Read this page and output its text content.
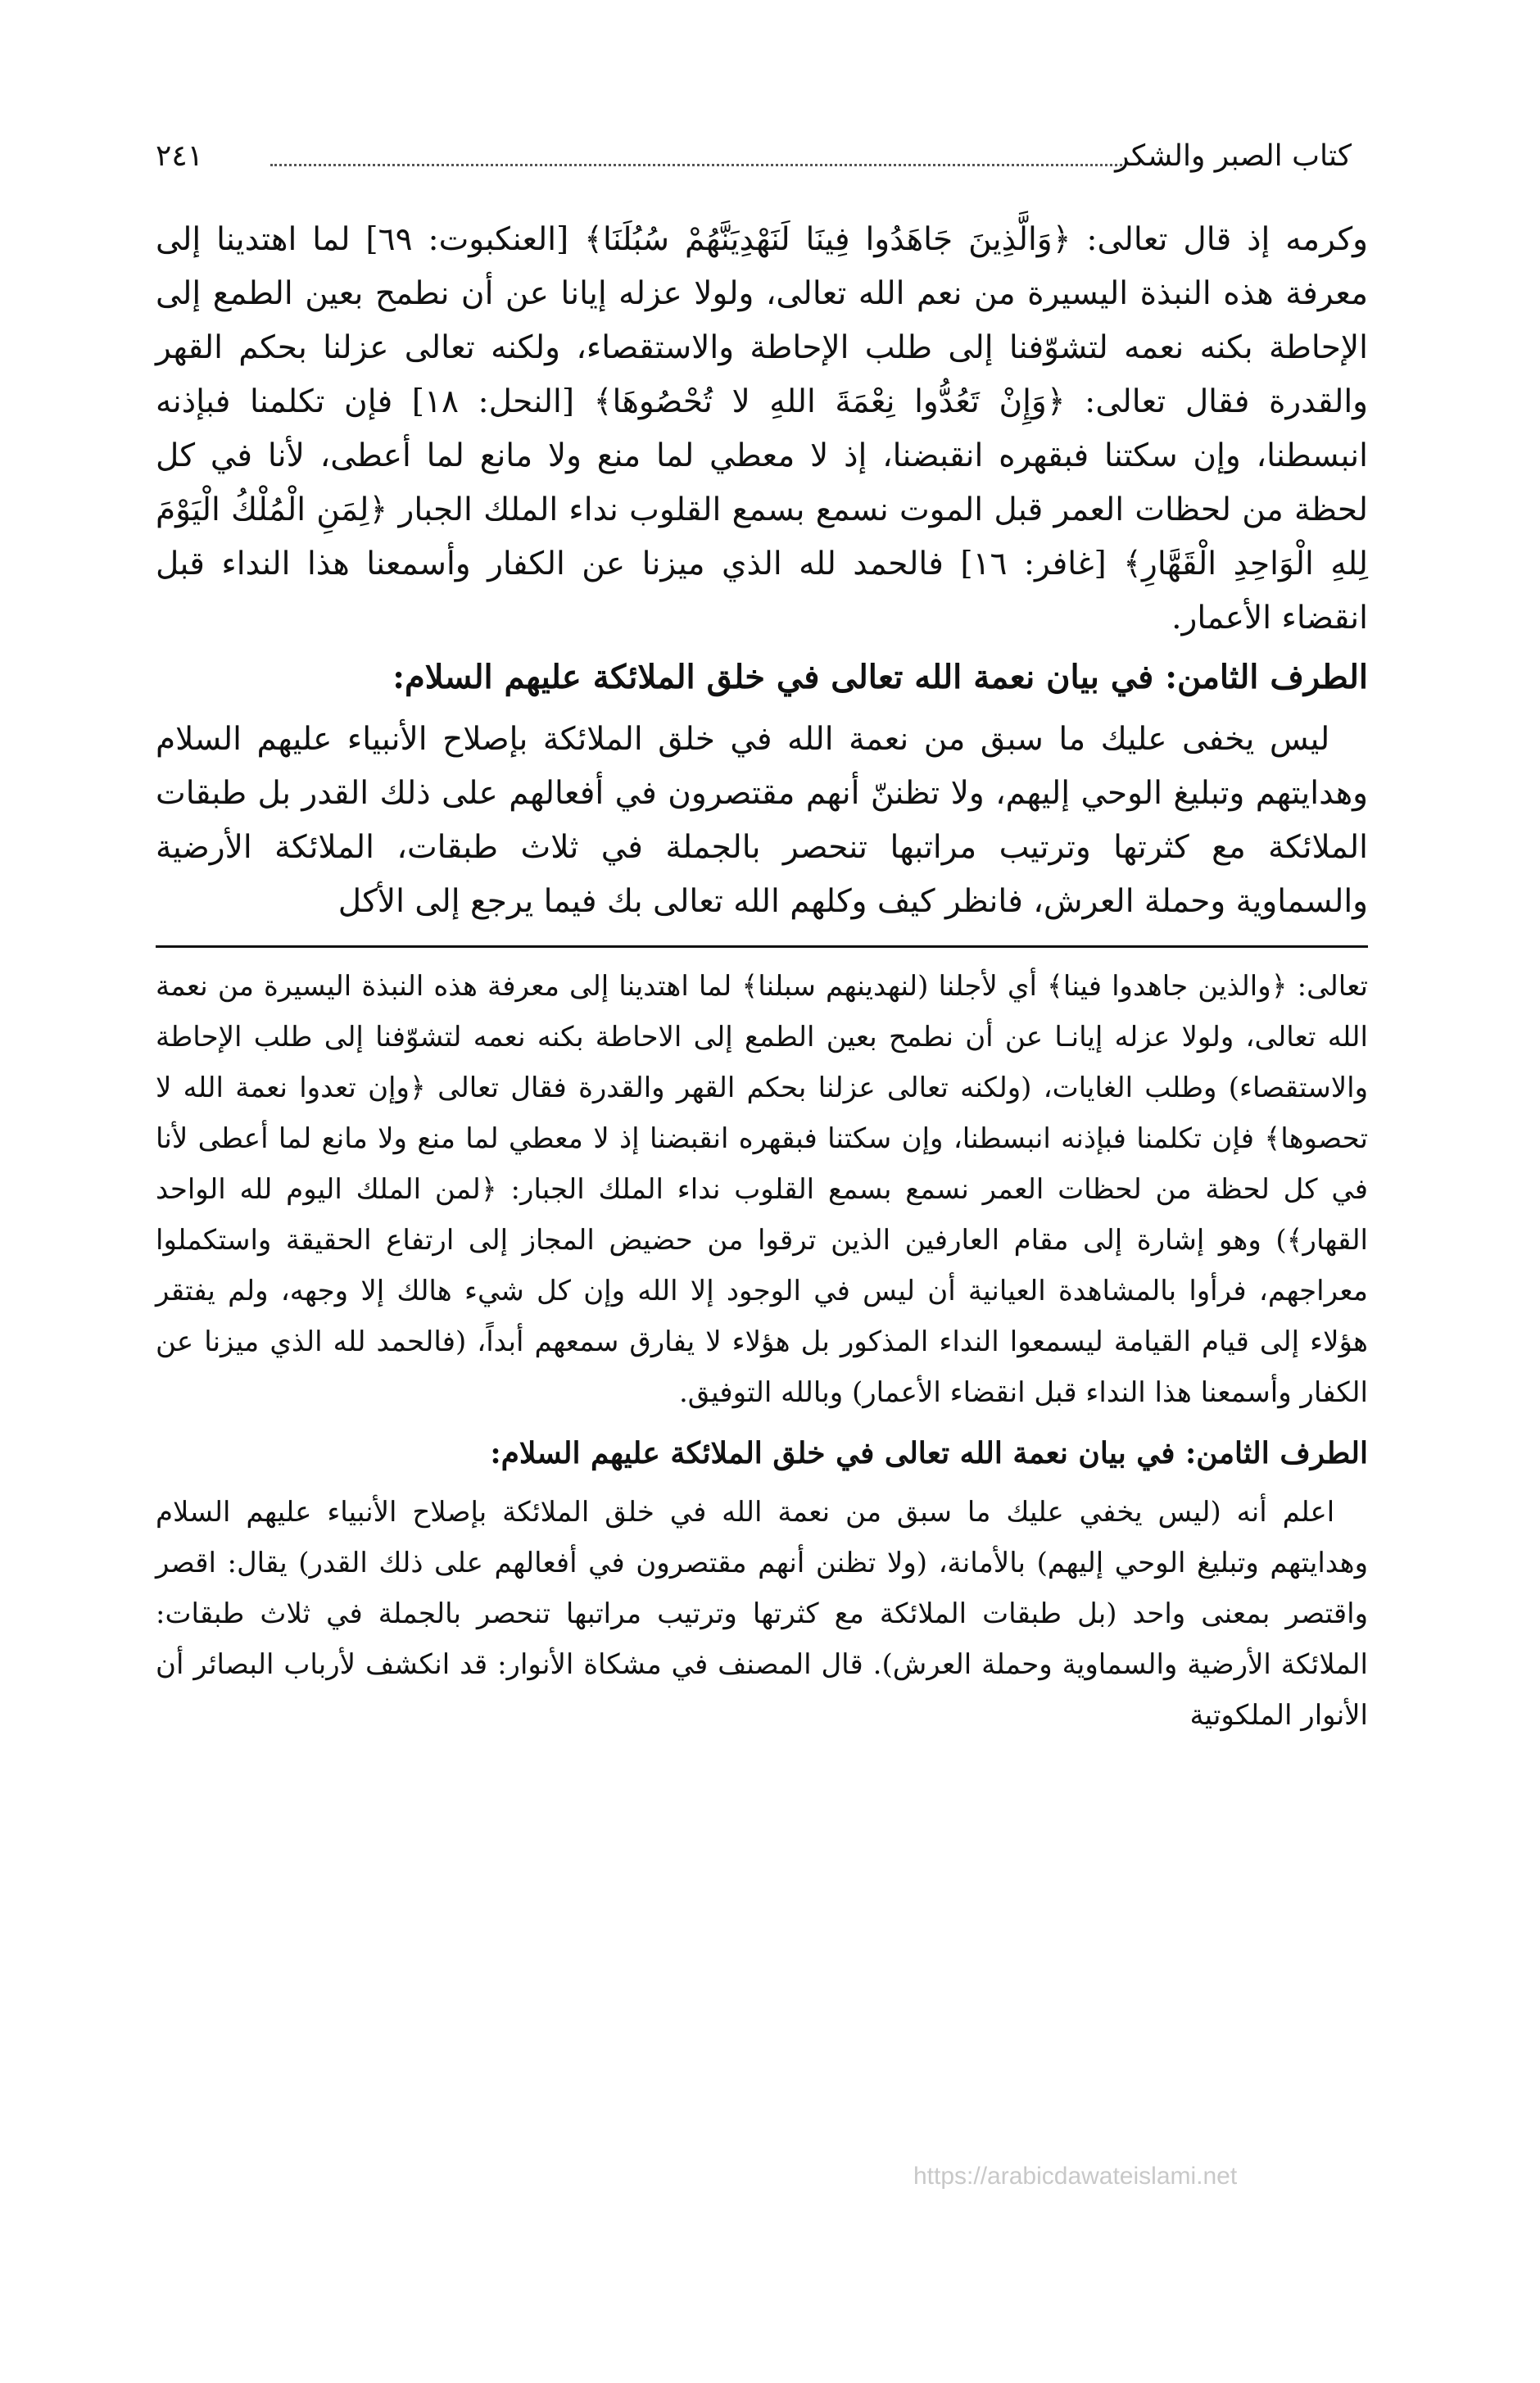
كتاب الصبر والشكر
٢٤١

وكرمه إذ قال تعالى: ﴿وَالَّذِينَ جَاهَدُوا فِينَا لَنَهْدِيَنَّهُمْ سُبُلَنَا﴾ [العنكبوت: ٦٩] لما اهتدينا إلى معرفة هذه النبذة اليسيرة من نعم الله تعالى، ولولا عزله إيانا عن أن نطمح بعين الطمع إلى الإحاطة بكنه نعمه لتشوّفنا إلى طلب الإحاطة والاستقصاء، ولكنه تعالى عزلنا بحكم القهر والقدرة فقال تعالى: ﴿وَإِنْ تَعُدُّوا نِعْمَةَ اللهِ لا تُحْصُوهَا﴾ [النحل: ١٨] فإن تكلمنا فبإذنه انبسطنا، وإن سكتنا فبقهره انقبضنا، إذ لا معطي لما منع ولا مانع لما أعطى، لأنا في كل لحظة من لحظات العمر قبل الموت نسمع بسمع القلوب نداء الملك الجبار ﴿لِمَنِ الْمُلْكُ الْيَوْمَ لِلهِ الْوَاحِدِ الْقَهَّارِ﴾ [غافر: ١٦] فالحمد لله الذي ميزنا عن الكفار وأسمعنا هذا النداء قبل انقضاء الأعمار.

الطرف الثامن: في بيان نعمة الله تعالى في خلق الملائكة عليهم السلام:

ليس يخفى عليك ما سبق من نعمة الله في خلق الملائكة بإصلاح الأنبياء عليهم السلام وهدايتهم وتبليغ الوحي إليهم، ولا تظننّ أنهم مقتصرون في أفعالهم على ذلك القدر بل طبقات الملائكة مع كثرتها وترتيب مراتبها تنحصر بالجملة في ثلاث طبقات، الملائكة الأرضية والسماوية وحملة العرش، فانظر كيف وكلهم الله تعالى بك فيما يرجع إلى الأكل

تعالى: ﴿والذين جاهدوا فينا﴾ أي لأجلنا (لنهدينهم سبلنا﴾ لما اهتدينا إلى معرفة هذه النبذة اليسيرة من نعمة الله تعالى، ولولا عزله إيانـا عن أن نطمح بعين الطمع إلى الاحاطة بكنه نعمه لتشوّفنا إلى طلب الإحاطة والاستقصاء) وطلب الغايات، (ولكنه تعالى عزلنا بحكم القهر والقدرة فقال تعالى ﴿وإن تعدوا نعمة الله لا تحصوها﴾ فإن تكلمنا فبإذنه انبسطنا، وإن سكتنا فبقهره انقبضنا إذ لا معطي لما منع ولا مانع لما أعطى لأنا في كل لحظة من لحظات العمر نسمع بسمع القلوب نداء الملك الجبار: ﴿لمن الملك اليوم لله الواحد القهار﴾) وهو إشارة إلى مقام العارفين الذين ترقوا من حضيض المجاز إلى ارتفاع الحقيقة واستكملوا معراجهم، فرأوا بالمشاهدة العيانية أن ليس في الوجود إلا الله وإن كل شيء هالك إلا وجهه، ولم يفتقر هؤلاء إلى قيام القيامة ليسمعوا النداء المذكور بل هؤلاء لا يفارق سمعهم أبداً، (فالحمد لله الذي ميزنا عن الكفار وأسمعنا هذا النداء قبل انقضاء الأعمار) وبالله التوفيق.

الطرف الثامن: في بيان نعمة الله تعالى في خلق الملائكة عليهم السلام:

اعلم أنه (ليس يخفي عليك ما سبق من نعمة الله في خلق الملائكة بإصلاح الأنبياء عليهم السلام وهدايتهم وتبليغ الوحي إليهم) بالأمانة، (ولا تظنن أنهم مقتصرون في أفعالهم على ذلك القدر) يقال: اقصر واقتصر بمعنى واحد (بل طبقات الملائكة مع كثرتها وترتيب مراتبها تنحصر بالجملة في ثلاث طبقات: الملائكة الأرضية والسماوية وحملة العرش). قال المصنف في مشكاة الأنوار: قد انكشف لأرباب البصائر أن الأنوار الملكوتية

https://arabicdawateislami.net
